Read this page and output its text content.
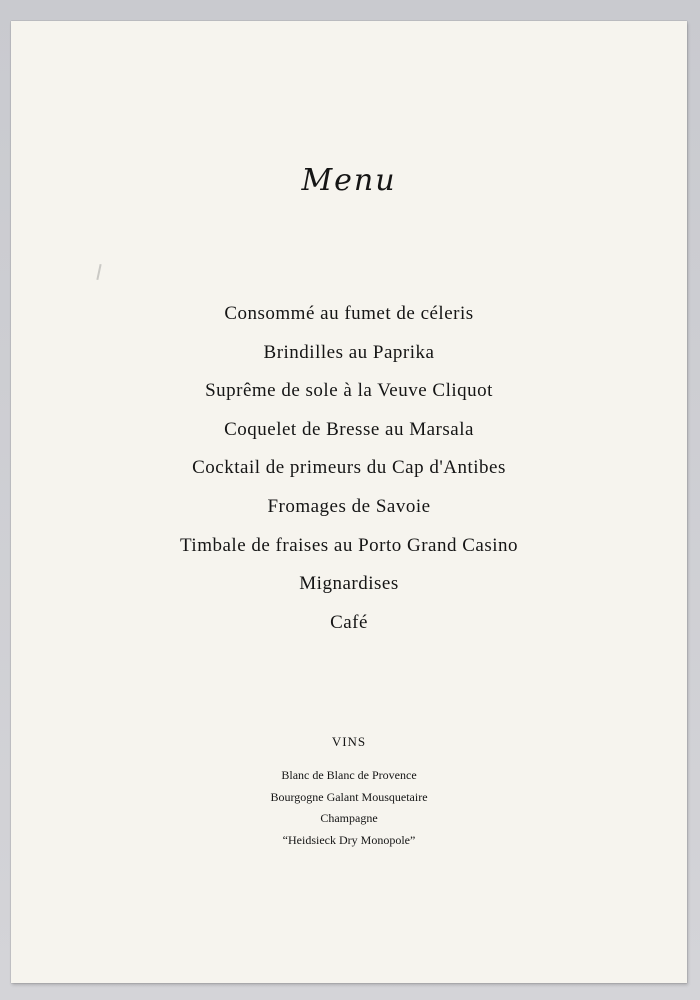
Menu
Consommé au fumet de céleris
Brindilles au Paprika
Suprême de sole à la Veuve Cliquot
Coquelet de Bresse au Marsala
Cocktail de primeurs du Cap d'Antibes
Fromages de Savoie
Timbale de fraises au Porto Grand Casino
Mignardises
Café
VINS
Blanc de Blanc de Provence
Bourgogne Galant Mousquetaire
Champagne
“Heidsieck Dry Monopole”
